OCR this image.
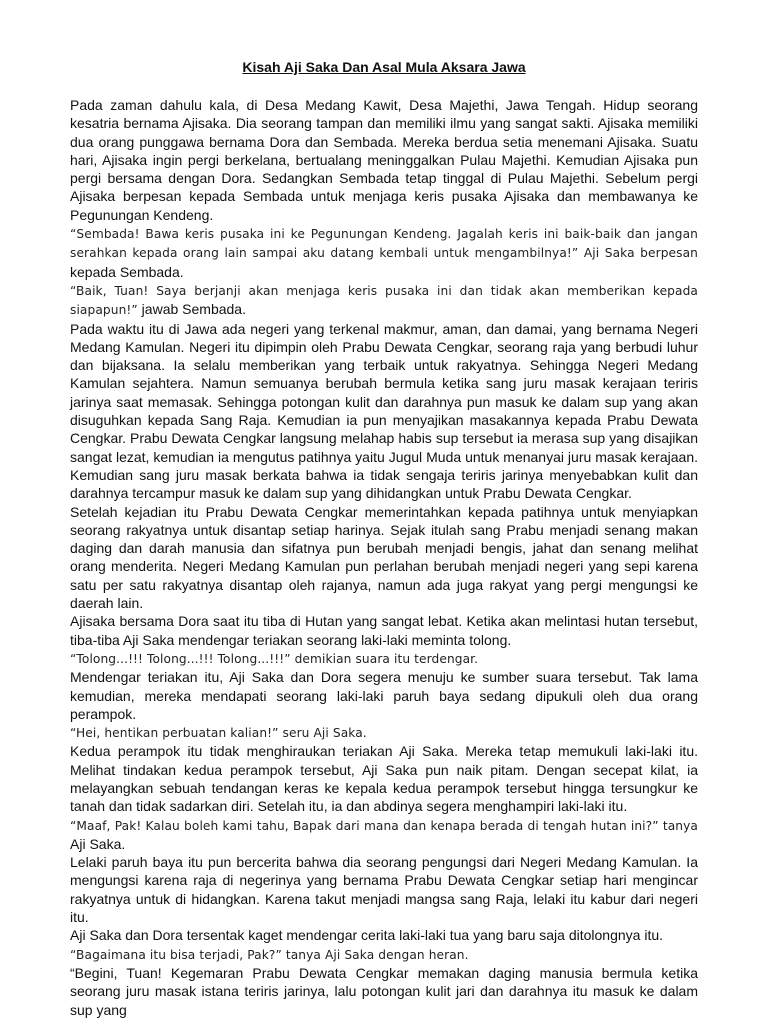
Kisah Aji Saka Dan Asal Mula Aksara Jawa

Pada zaman dahulu kala, di Desa Medang Kawit, Desa Majethi, Jawa Tengah. Hidup seorang kesatria bernama Ajisaka. Dia seorang tampan dan memiliki ilmu yang sangat sakti. Ajisaka memiliki dua orang punggawa bernama Dora dan Sembada. Mereka berdua setia menemani Ajisaka. Suatu hari, Ajisaka ingin pergi berkelana, bertualang meninggalkan Pulau Majethi. Kemudian Ajisaka pun pergi bersama dengan Dora. Sedangkan Sembada tetap tinggal di Pulau Majethi. Sebelum pergi Ajisaka berpesan kepada Sembada untuk menjaga keris pusaka Ajisaka dan membawanya ke Pegunungan Kendeng.

“Sembada! Bawa keris pusaka ini ke Pegunungan Kendeng. Jagalah keris ini baik-baik dan jangan serahkan kepada orang lain sampai aku datang kembali untuk mengambilnya!” Aji Saka berpesan kepada Sembada.

“Baik, Tuan! Saya berjanji akan menjaga keris pusaka ini dan tidak akan memberikan kepada siapapun!” jawab Sembada.

Pada waktu itu di Jawa ada negeri yang terkenal makmur, aman, dan damai, yang bernama Negeri Medang Kamulan. Negeri itu dipimpin oleh Prabu Dewata Cengkar, seorang raja yang berbudi luhur dan bijaksana. Ia selalu memberikan yang terbaik untuk rakyatnya. Sehingga Negeri Medang Kamulan sejahtera. Namun semuanya berubah bermula ketika sang juru masak kerajaan teriris jarinya saat memasak. Sehingga potongan kulit dan darahnya pun masuk ke dalam sup yang akan disuguhkan kepada Sang Raja. Kemudian ia pun menyajikan masakannya kepada Prabu Dewata Cengkar. Prabu Dewata Cengkar langsung melahap habis sup tersebut ia merasa sup yang disajikan sangat lezat, kemudian ia mengutus patihnya yaitu Jugul Muda untuk menanyai juru masak kerajaan. Kemudian sang juru masak berkata bahwa ia tidak sengaja teriris jarinya menyebabkan kulit dan darahnya tercampur masuk ke dalam sup yang dihidangkan untuk Prabu Dewata Cengkar.

Setelah kejadian itu Prabu Dewata Cengkar memerintahkan kepada patihnya untuk menyiapkan seorang rakyatnya untuk disantap setiap harinya. Sejak itulah sang Prabu menjadi senang makan daging dan darah manusia dan sifatnya pun berubah menjadi bengis, jahat dan senang melihat orang menderita. Negeri Medang Kamulan pun perlahan berubah menjadi negeri yang sepi karena satu per satu rakyatnya disantap oleh rajanya, namun ada juga rakyat yang pergi mengungsi ke daerah lain.

Ajisaka bersama Dora saat itu tiba di Hutan yang sangat lebat. Ketika akan melintasi hutan tersebut, tiba-tiba Aji Saka mendengar teriakan seorang laki-laki meminta tolong.

“Tolong...!!! Tolong...!!! Tolong...!!!” demikian suara itu terdengar.

Mendengar teriakan itu, Aji Saka dan Dora segera menuju ke sumber suara tersebut. Tak lama kemudian, mereka mendapati seorang laki-laki paruh baya sedang dipukuli oleh dua orang perampok.

“Hei, hentikan perbuatan kalian!” seru Aji Saka.

Kedua perampok itu tidak menghiraukan teriakan Aji Saka. Mereka tetap memukuli laki-laki itu. Melihat tindakan kedua perampok tersebut, Aji Saka pun naik pitam. Dengan secepat kilat, ia melayangkan sebuah tendangan keras ke kepala kedua perampok tersebut hingga tersungkur ke tanah dan tidak sadarkan diri. Setelah itu, ia dan abdinya segera menghampiri laki-laki itu.

“Maaf, Pak! Kalau boleh kami tahu, Bapak dari mana dan kenapa berada di tengah hutan ini?” tanya Aji Saka.

Lelaki paruh baya itu pun bercerita bahwa dia seorang pengungsi dari Negeri Medang Kamulan. Ia mengungsi karena raja di negerinya yang bernama Prabu Dewata Cengkar setiap hari mengincar rakyatnya untuk di hidangkan. Karena takut menjadi mangsa sang Raja, lelaki itu kabur dari negeri itu.

Aji Saka dan Dora tersentak kaget mendengar cerita laki-laki tua yang baru saja ditolongnya itu.

“Bagaimana itu bisa terjadi, Pak?” tanya Aji Saka dengan heran.

“Begini, Tuan! Kegemaran Prabu Dewata Cengkar memakan daging manusia bermula ketika seorang juru masak istana teriris jarinya, lalu potongan kulit jari dan darahnya itu masuk ke dalam sup yang
